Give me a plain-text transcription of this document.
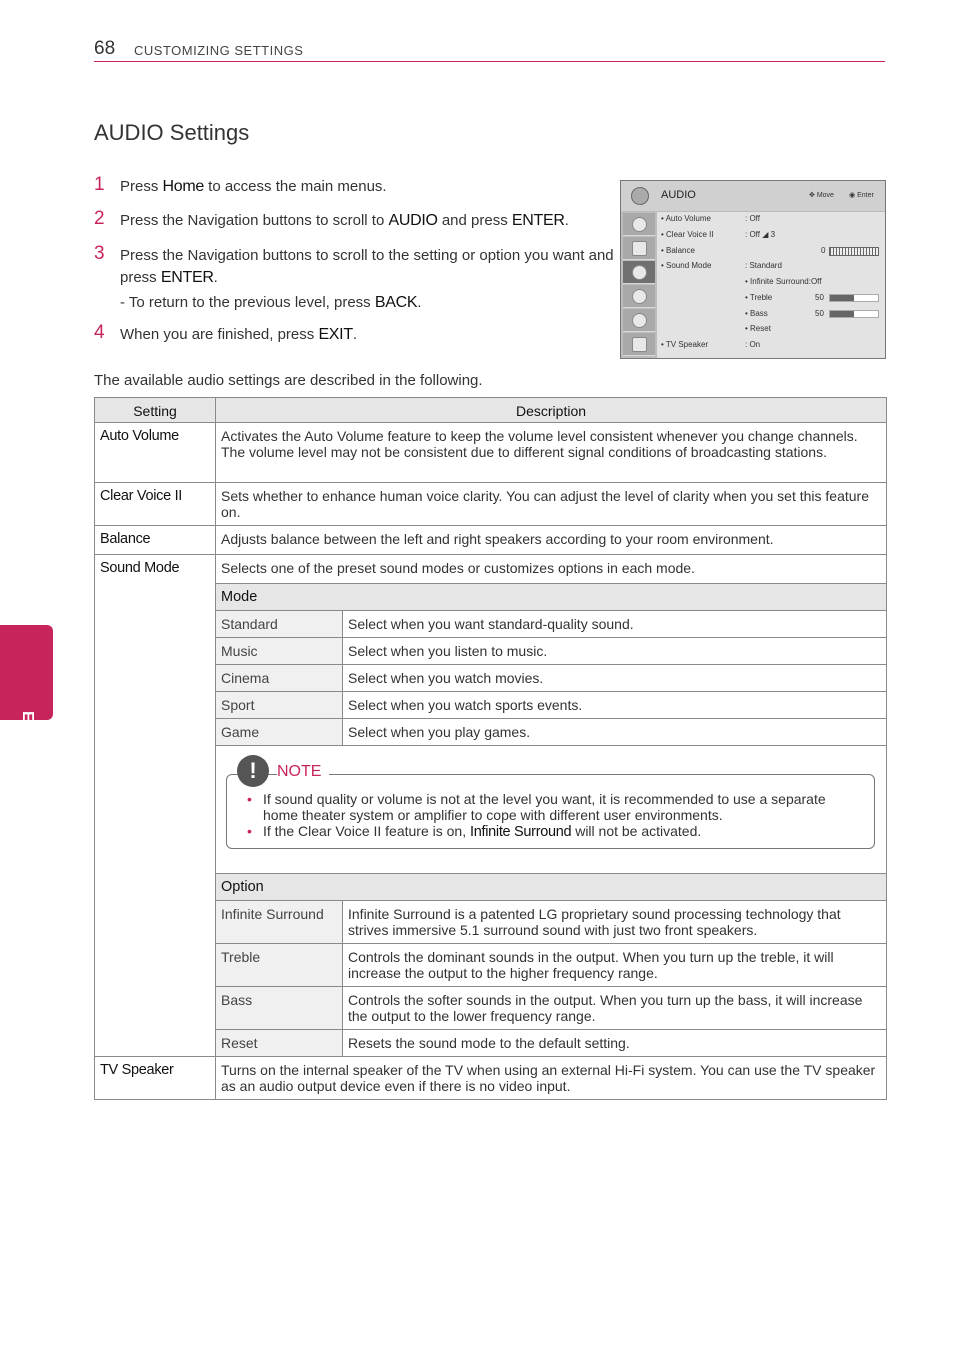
68 CUSTOMIZING SETTINGS
ENGLISH
AUDIO Settings
1 Press Home to access the main menus.
2 Press the Navigation buttons to scroll to AUDIO and press ENTER.
3 Press the Navigation buttons to scroll to the setting or option you want and press ENTER.
- To return to the previous level, press BACK.
4 When you are finished, press EXIT.
AUDIO	✥ Move ◉ Enter
• Auto Volume	: Off
• Clear Voice II	: Off ◢ 3
• Balance	0
• Sound Mode	: Standard
• Infinite Surround:Off
• Treble	50
• Bass	50
• Reset
• TV Speaker	: On
The available audio settings are described in the following.
Setting	Description
Auto Volume	Activates the Auto Volume feature to keep the volume level consistent whenever you change channels. The volume level may not be consistent due to different signal conditions of broadcasting stations.
Clear Voice II	Sets whether to enhance human voice clarity. You can adjust the level of clarity when you set this feature on.
Balance	Adjusts balance between the left and right speakers according to your room environment.
Sound Mode	Selects one of the preset sound modes or customizes options in each mode.
Mode
Standard	Select when you want standard-quality sound.
Music	Select when you listen to music.
Cinema	Select when you watch movies.
Sport	Select when you watch sports events.
Game	Select when you play games.

!	NOTE
• If sound quality or volume is not at the level you want, it is recommended to use a separate home theater system or amplifier to cope with different user environments.
• If the Clear Voice II feature is on, Infinite Surround will not be activated.

Option
Infinite Surround	Infinite Surround is a patented LG proprietary sound processing technology that strives immersive 5.1 surround sound with just two front speakers.
Treble	Controls the dominant sounds in the output. When you turn up the treble, it will increase the output to the higher frequency range.
Bass	Controls the softer sounds in the output. When you turn up the bass, it will increase the output to the lower frequency range.
Reset	Resets the sound mode to the default setting.

TV Speaker	Turns on the internal speaker of the TV when using an external Hi-Fi system. You can use the TV speaker as an audio output device even if there is no video input.
